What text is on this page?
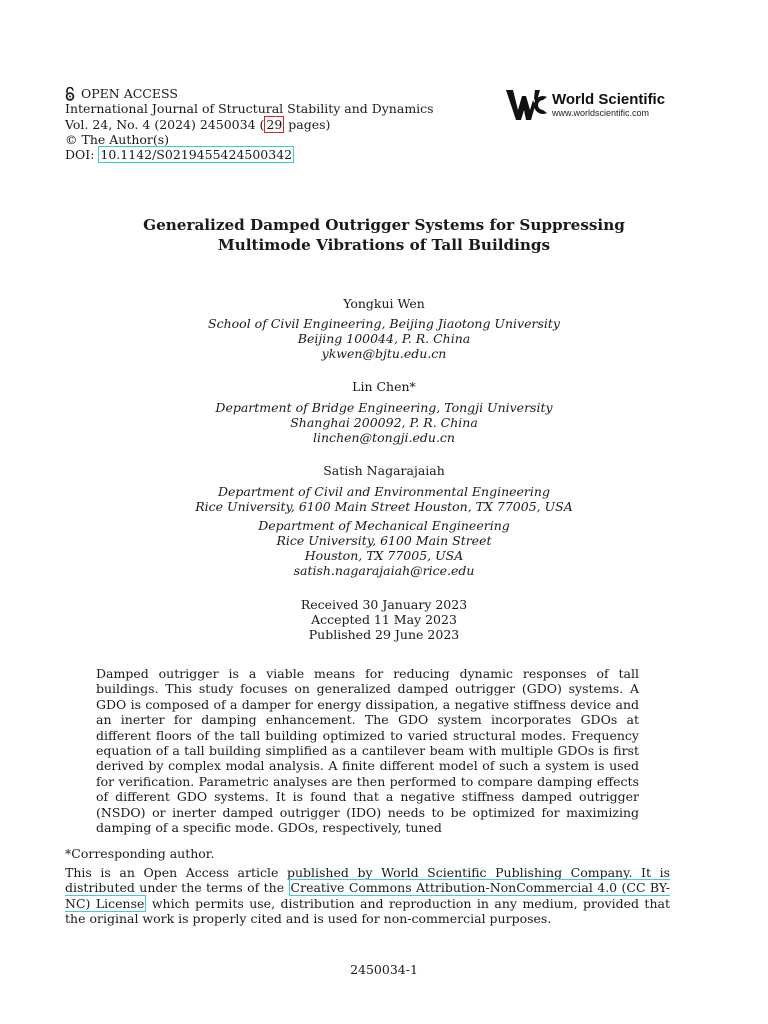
OPEN ACCESS
International Journal of Structural Stability and Dynamics
Vol. 24, No. 4 (2024) 2450034 ( 29 pages)
© The Author(s)
DOI: 10.1142/S0219455424500342
World Scientific
www.worldscientific.com
Generalized Damped Outrigger Systems for Suppressing
Multimode Vibrations of Tall Buildings
Yongkui Wen
School of Civil Engineering, Beijing Jiaotong University
Beijing 100044, P. R. China
ykwen@bjtu.edu.cn
Lin Chen*
Department of Bridge Engineering, Tongji University
Shanghai 200092, P. R. China
linchen@tongji.edu.cn
Satish Nagarajaiah
Department of Civil and Environmental Engineering
Rice University, 6100 Main Street Houston, TX 77005, USA
Department of Mechanical Engineering
Rice University, 6100 Main Street
Houston, TX 77005, USA
satish.nagarajaiah@rice.edu
Received 30 January 2023
Accepted 11 May 2023
Published 29 June 2023
Damped outrigger is a viable means for reducing dynamic responses of tall buildings. This study focuses on generalized damped outrigger (GDO) systems. A GDO is composed of a damper for energy dissipation, a negative stiffness device and an inerter for damping enhancement. The GDO system incorporates GDOs at different floors of the tall building optimized to varied structural modes. Frequency equation of a tall building simplified as a cantilever beam with multiple GDOs is first derived by complex modal analysis. A finite different model of such a system is used for verification. Parametric analyses are then performed to compare damping effects of different GDO systems. It is found that a negative stiffness damped outrigger (NSDO) or inerter damped outrigger (IDO) needs to be optimized for maximizing damping of a specific mode. GDOs, respectively, tuned
*Corresponding author.
This is an Open Access article published by World Scientific Publishing Company. It is distributed under the terms of the Creative Commons Attribution-NonCommercial 4.0 (CC BY-NC) License which permits use, distribution and reproduction in any medium, provided that the original work is properly cited and is used for non-commercial purposes.
2450034-1
